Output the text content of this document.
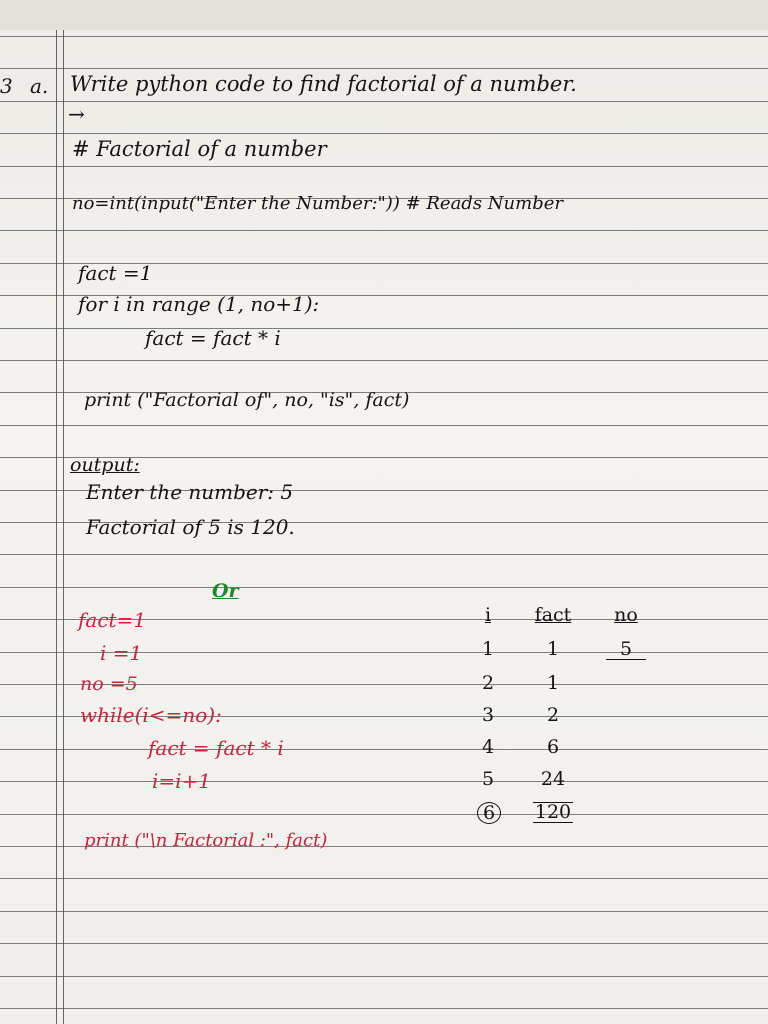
3 a. Write python code to find factorial of a number.
→
# Factorial of a number
no=int(input("Enter the Number:")) # Reads Number
fact =1
for i in range (1, no+1):
fact = fact * i
print ("Factorial of", no, "is", fact)
output:
Enter the number: 5
Factorial of 5 is 120.
Or
fact=1
i =1
no =5
while(i<=no):
fact = fact * i
i=i+1
print ("\n Factorial :", fact)
i	fact	no
1	1	5
2	1
3	2
4	6
5	24
6	120
